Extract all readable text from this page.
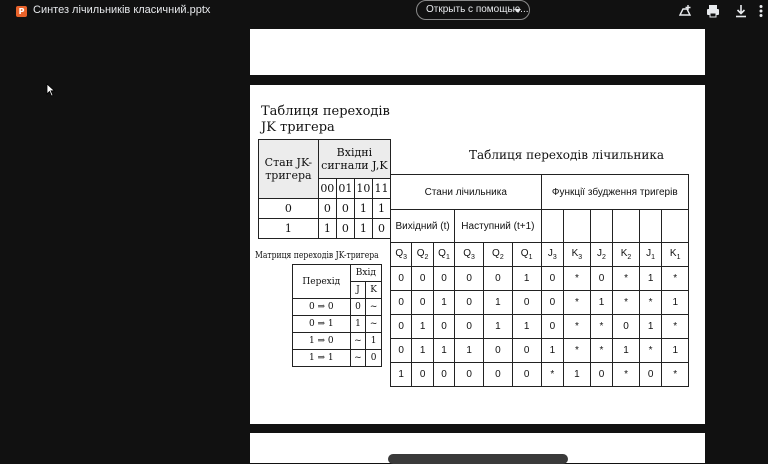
P Синтез лічильників класичний.pptx	Открыть с помощью...
Таблиця переходів JK тригера
Стан JK-тригера	Вхідні сигнали J,K			
	00	01	10	11
0	0	0	1	1
1	1	0	1	0
Матриця переходів JK-тригера
Перехід	Вхід	
	J	K
0 ⇒ 0	0	~
0 ⇒ 1	1	~
1 ⇒ 0	~	1
1 ⇒ 1	~	0
Таблиця переходів лічильника
Стани лічильника						Функції збудження тригерів					
Вихідний (t)			Наступний (t+1)								
$Q_3$	$Q_2$	$Q_1$	$Q_3$	$Q_2$	$Q_1$	$J_3$	$K_3$	$J_2$	$K_2$	$J_1$	$K_1$
0	0	0	0	0	1	0	*	0	*	1	*
0	0	1	0	1	0	0	*	1	*	*	1
0	1	0	0	1	1	0	*	*	0	1	*
0	1	1	1	0	0	1	*	*	1	*	1
1	0	0	0	0	0	*	1	0	*	0	*
